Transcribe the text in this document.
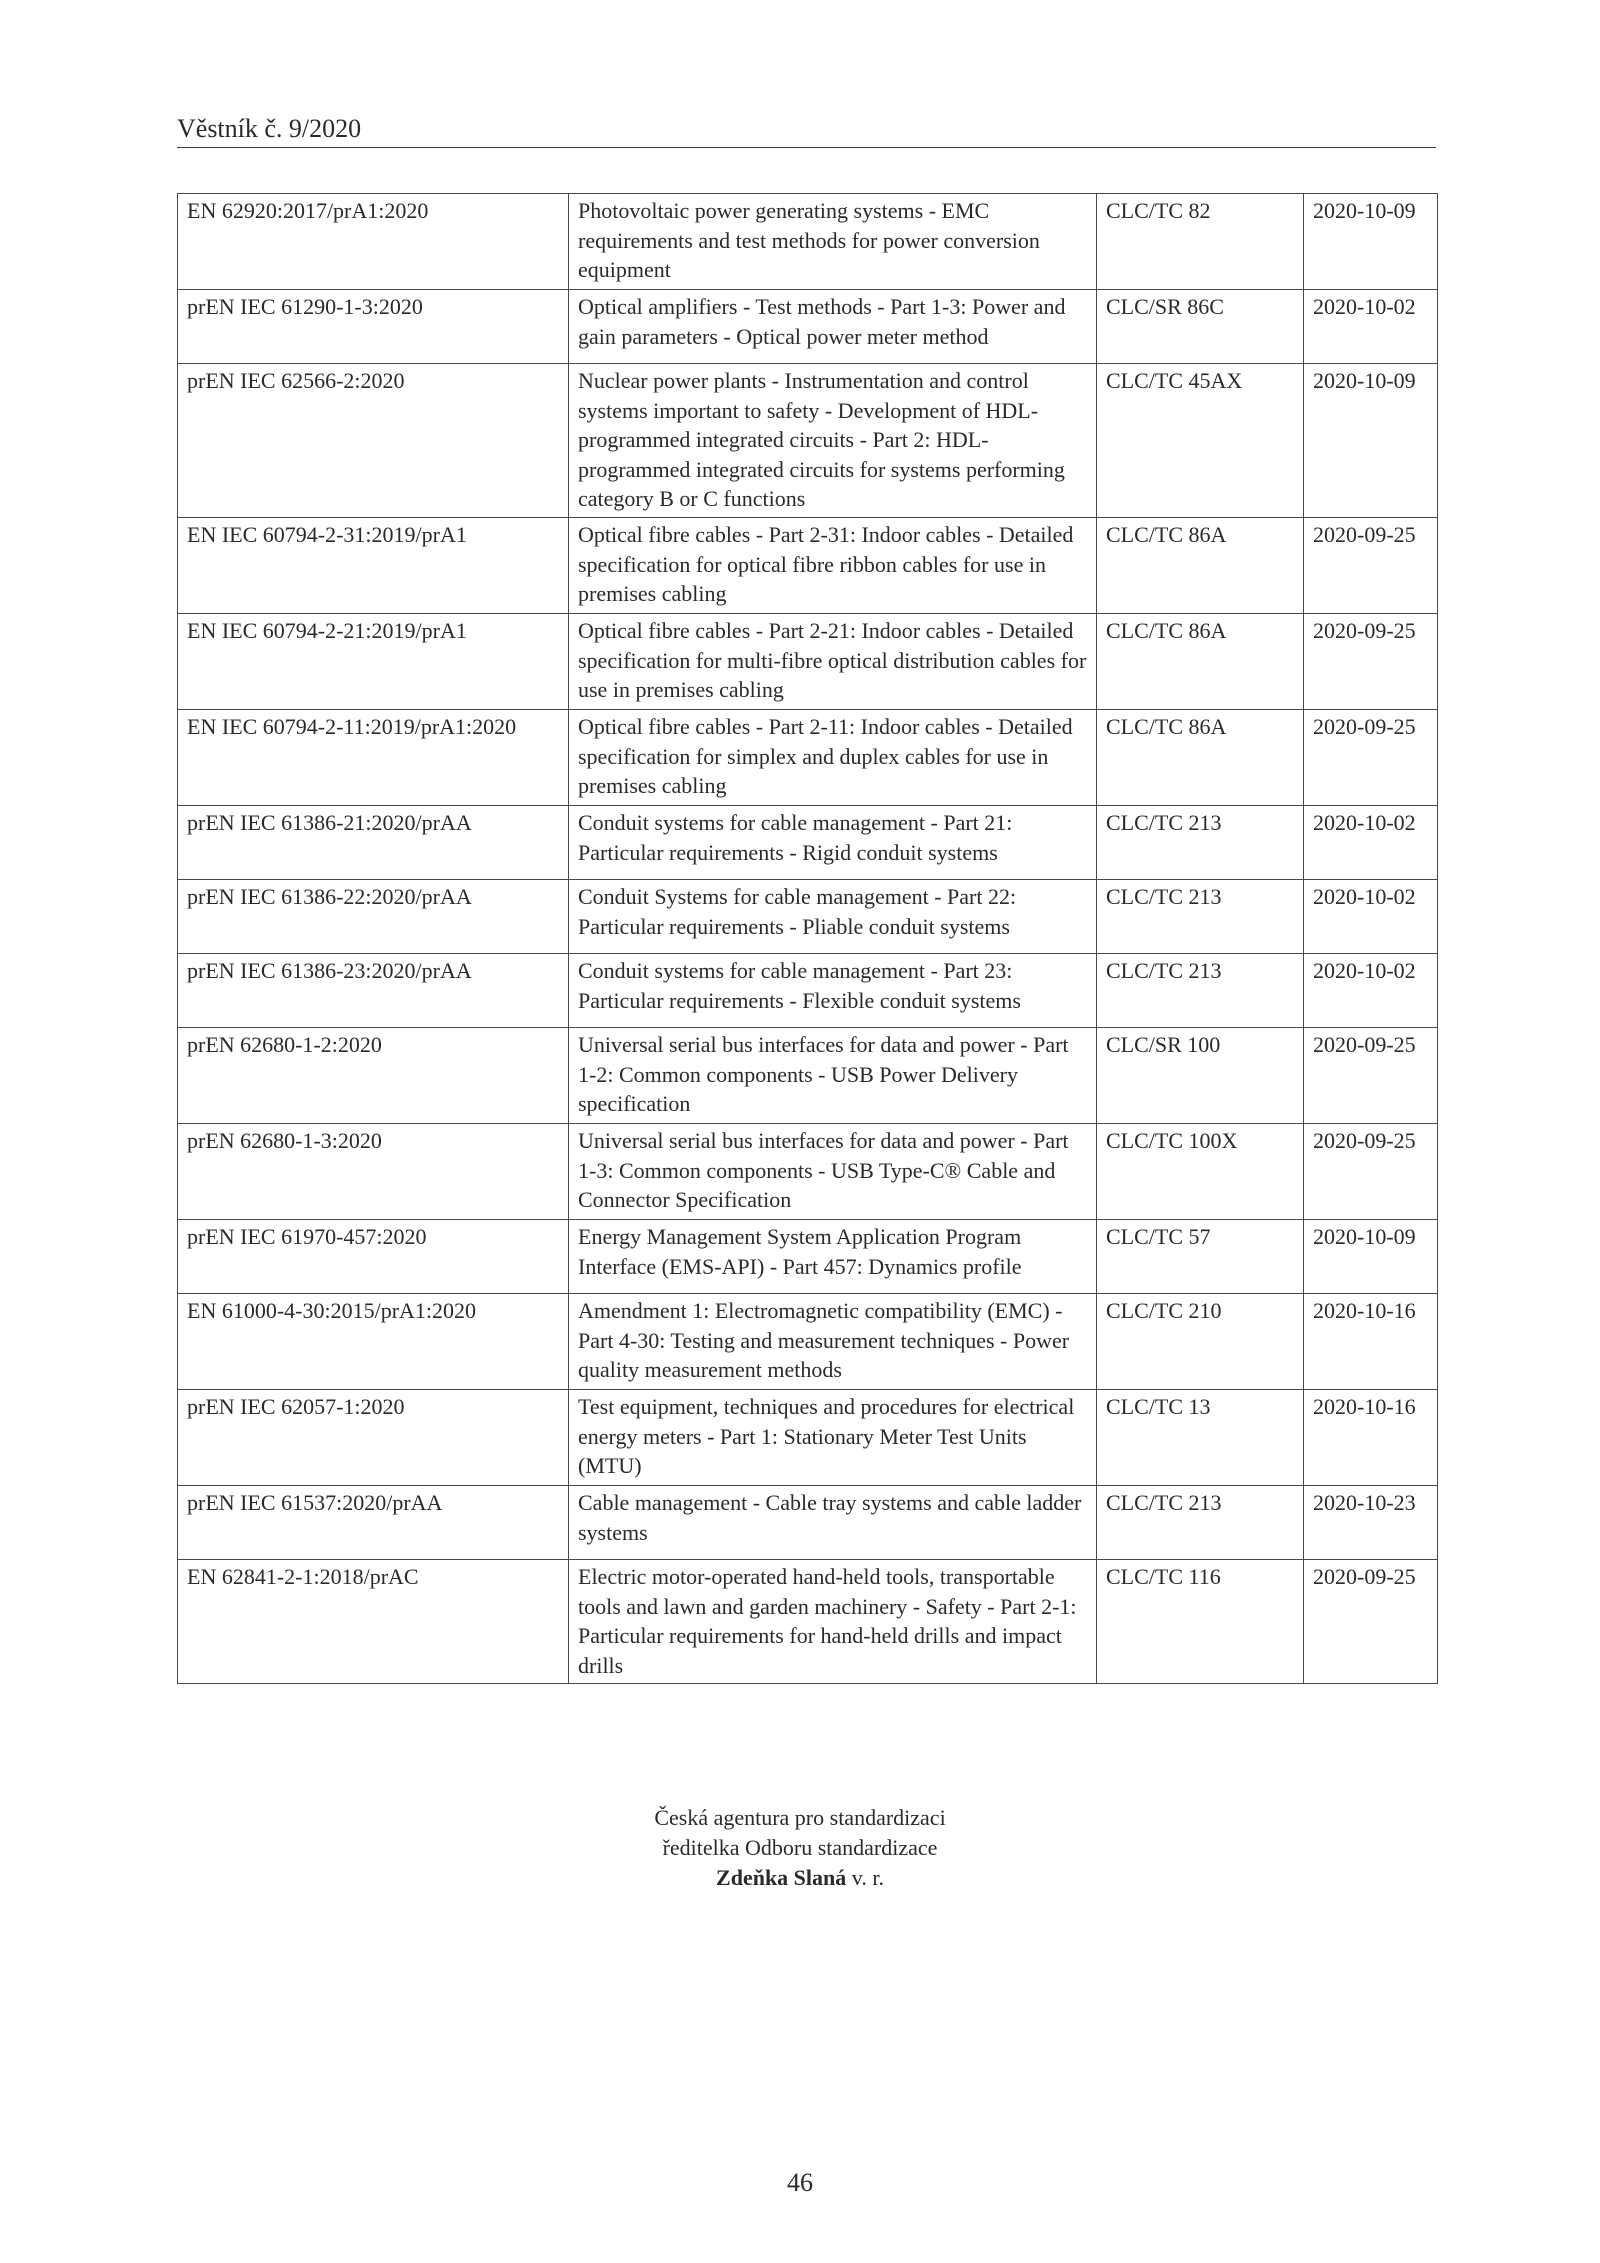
Věstník č. 9/2020
EN 62920:2017/prA1:2020	Photovoltaic power generating systems - EMC requirements and test methods for power conversion equipment	CLC/TC 82	2020-10-09
prEN IEC 61290-1-3:2020	Optical amplifiers - Test methods - Part 1-3: Power and gain parameters - Optical power meter method	CLC/SR 86C	2020-10-02
prEN IEC 62566-2:2020	Nuclear power plants - Instrumentation and control systems important to safety - Development of HDL-programmed integrated circuits - Part 2: HDL-programmed integrated circuits for systems performing category B or C functions	CLC/TC 45AX	2020-10-09
EN IEC 60794-2-31:2019/prA1	Optical fibre cables - Part 2-31: Indoor cables - Detailed specification for optical fibre ribbon cables for use in premises cabling	CLC/TC 86A	2020-09-25
EN IEC 60794-2-21:2019/prA1	Optical fibre cables - Part 2-21: Indoor cables - Detailed specification for multi-fibre optical distribution cables for use in premises cabling	CLC/TC 86A	2020-09-25
EN IEC 60794-2-11:2019/prA1:2020	Optical fibre cables - Part 2-11: Indoor cables - Detailed specification for simplex and duplex cables for use in premises cabling	CLC/TC 86A	2020-09-25
prEN IEC 61386-21:2020/prAA	Conduit systems for cable management - Part 21: Particular requirements - Rigid conduit systems	CLC/TC 213	2020-10-02
prEN IEC 61386-22:2020/prAA	Conduit Systems for cable management - Part 22: Particular requirements - Pliable conduit systems	CLC/TC 213	2020-10-02
prEN IEC 61386-23:2020/prAA	Conduit systems for cable management - Part 23: Particular requirements - Flexible conduit systems	CLC/TC 213	2020-10-02
prEN 62680-1-2:2020	Universal serial bus interfaces for data and power - Part 1-2: Common components - USB Power Delivery specification	CLC/SR 100	2020-09-25
prEN 62680-1-3:2020	Universal serial bus interfaces for data and power - Part 1-3: Common components - USB Type-C® Cable and Connector Specification	CLC/TC 100X	2020-09-25
prEN IEC 61970-457:2020	Energy Management System Application Program Interface (EMS-API) - Part 457: Dynamics profile	CLC/TC 57	2020-10-09
EN 61000-4-30:2015/prA1:2020	Amendment 1: Electromagnetic compatibility (EMC) - Part 4-30: Testing and measurement techniques - Power quality measurement methods	CLC/TC 210	2020-10-16
prEN IEC 62057-1:2020	Test equipment, techniques and procedures for electrical energy meters - Part 1: Stationary Meter Test Units (MTU)	CLC/TC 13	2020-10-16
prEN IEC 61537:2020/prAA	Cable management - Cable tray systems and cable ladder systems	CLC/TC 213	2020-10-23
EN 62841-2-1:2018/prAC	Electric motor-operated hand-held tools, transportable tools and lawn and garden machinery - Safety - Part 2-1: Particular requirements for hand-held drills and impact drills	CLC/TC 116	2020-09-25
Česká agentura pro standardizaci
ředitelka Odboru standardizace
Zdeňka Slaná v. r.
46
